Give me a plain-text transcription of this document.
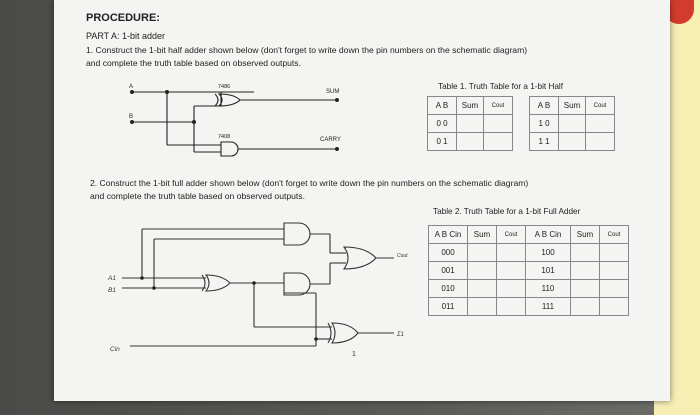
PROCEDURE:
PART A: 1-bit adder
1. Construct the 1-bit half adder shown below (don't forget to write down the pin numbers on the schematic diagram)
and complete the truth table based on observed outputs.
A
B
7486
7408
SUM
CARRY
Table 1. Truth Table for a 1-bit Half
A B	Sum	Cout		A B	Sum	Cout
0 0				1 0		
0 1				1 1		
2. Construct the 1-bit full adder shown below (don't forget to write down the pin numbers on the schematic diagram)
and complete the truth table based on observed outputs.
A1
B1
Cin
Cout
Σ1
1
Table 2. Truth Table for a 1-bit Full Adder
A B Cin	Sum	Cout	A B Cin	Sum	Cout
000			100		
001			101		
010			110		
011			111		
